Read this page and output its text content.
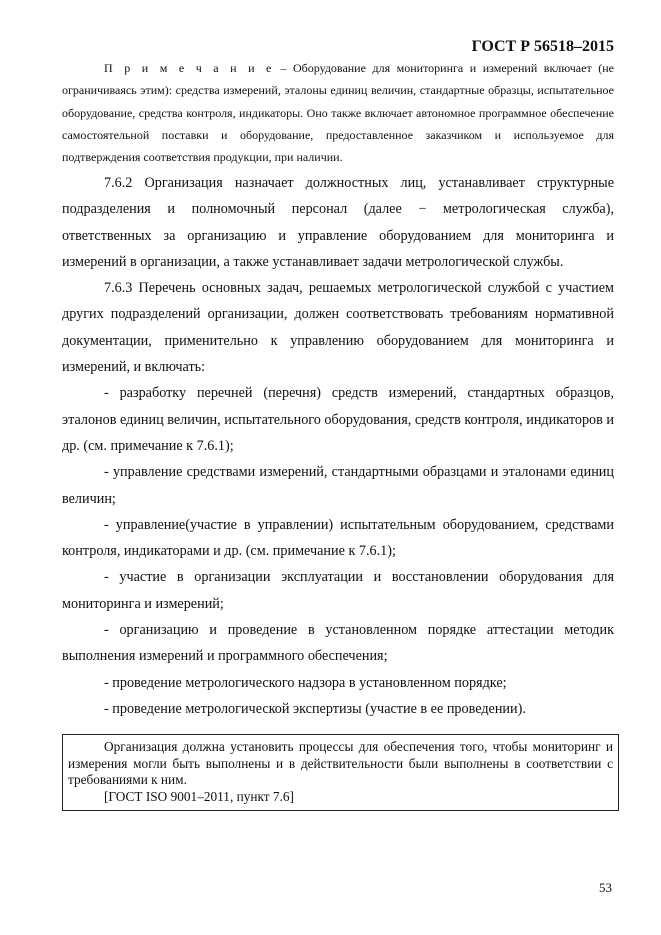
ГОСТ Р 56518–2015

П р и м е ч а н и е – Оборудование для мониторинга и измерений включает (не ограничиваясь этим): средства измерений, эталоны единиц величин, стандартные образцы, испытательное оборудование, средства контроля, индикаторы. Оно также включает автономное программное обеспечение самостоятельной поставки и оборудование, предоставленное заказчиком и используемое для подтверждения соответствия продукции, при наличии.

7.6.2 Организация назначает должностных лиц, устанавливает структурные подразделения и полномочный персонал (далее − метрологическая служба), ответственных за организацию и управление оборудованием для мониторинга и измерений в организации, а также устанавливает задачи метрологической службы.

7.6.3 Перечень основных задач, решаемых метрологической службой с участием других подразделений организации, должен соответствовать требованиям нормативной документации, применительно к управлению оборудованием для мониторинга и измерений, и включать:

- разработку перечней (перечня) средств измерений, стандартных образцов, эталонов единиц величин, испытательного оборудования, средств контроля, индикаторов и др. (см. примечание к 7.6.1);

- управление средствами измерений, стандартными образцами и эталонами единиц величин;

- управление(участие в управлении) испытательным оборудованием, средствами контроля, индикаторами и др. (см. примечание к 7.6.1);

- участие в организации эксплуатации и восстановлении оборудования для мониторинга и измерений;

- организацию и проведение в установленном порядке аттестации методик выполнения измерений и программного обеспечения;

- проведение метрологического надзора в установленном порядке;

- проведение метрологической экспертизы (участие в ее проведении).

Организация должна установить процессы для обеспечения того, чтобы мониторинг и измерения могли быть выполнены и в действительности были выполнены в соответствии с требованиями к ним.

[ГОСТ ISO 9001–2011, пункт 7.6]

53
